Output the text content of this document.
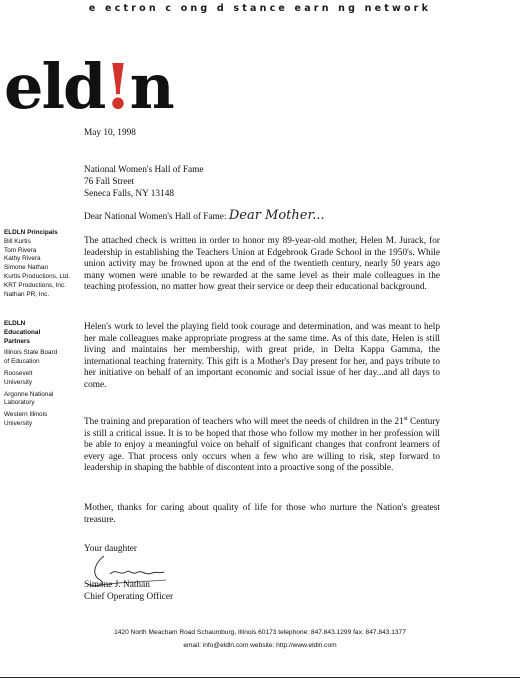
e ectron c ong d stance earn ng network
eld!n
ELDLN Principals
Bill Kurtis
Tom Rivera
Kathy Rivera
Simone Nathan
Kurtis Productions, Ltd.
KRT Productions, Inc.
Nathan PR, Inc.
ELDLN Educational Partners
Illinois State Board of Education
Roosevelt University
Argonne National Laboratory
Western Illinois University
May 10, 1998
National Women's Hall of Fame
76 Fall Street
Seneca Falls, NY 13148
Dear National Women's Hall of Fame: Dear Mother...
The attached check is written in order to honor my 89-year-old mother, Helen M. Jurack, for leadership in establishing the Teachers Union at Edgebrook Grade School in the 1950's. While union activity may be frowned upon at the end of the twentieth century, nearly 50 years ago many women were unable to be rewarded at the same level as their male colleagues in the teaching profession, no matter how great their service or deep their educational background.
Helen's work to level the playing field took courage and determination, and was meant to help her male colleagues make appropriate progress at the same time. As of this date, Helen is still living and maintains her membership, with great pride, in Delta Kappa Gamma, the international teaching fraternity. This gift is a Mother's Day present for her, and pays tribute to her initiative on behalf of an important economic and social issue of her day...and all days to come.
The training and preparation of teachers who will meet the needs of children in the 21st Century is still a critical issue. It is to be hoped that those who follow my mother in her profession will be able to enjoy a meaningful voice on behalf of significant changes that confront learners of every age. That process only occurs when a few who are willing to risk, step forward to leadership in shaping the babble of discontent into a proactive song of the possible.
Mother, thanks for caring about quality of life for those who nurture the Nation's greatest treasure.
Your daughter
Simone J. Nathan
Chief Operating Officer
1420 North Meacham Road Schaumburg, Illinois 60173 telephone: 847.843.1299 fax: 847.843.1377
email: info@eldln.com website: http://www.eldln.com
